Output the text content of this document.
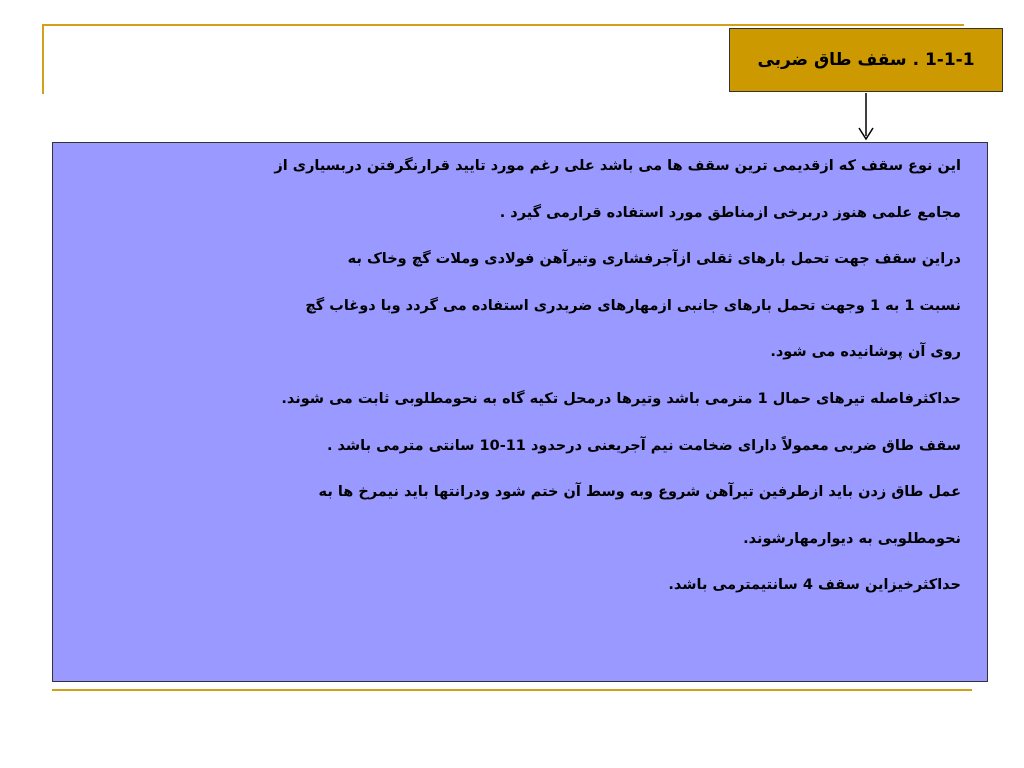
1-1-1 . سقف طاق ضربی
این نوع سقف که ازقدیمی ترین سقف ها می باشد علی رغم مورد تایید قرارنگرفتن دربسیاری از
مجامع علمی هنوز دربرخی ازمناطق مورد استفاده قرارمی گیرد .
دراین سقف جهت تحمل بارهای ثقلی ازآجرفشاری وتیرآهن فولادی وملات گچ وخاک به
نسبت 1 به 1 وجهت تحمل بارهای جانبی ازمهارهای ضربدری استفاده می گردد وبا دوغاب گچ
روی آن پوشانیده می شود.
حداکثرفاصله تیرهای حمال 1 مترمی باشد وتیرها درمحل تکیه گاه به نحومطلوبی ثابت می شوند.
سقف طاق ضربی معمولاً دارای ضخامت نیم آجریعنی درحدود 11-10 سانتی مترمی باشد .
عمل طاق زدن باید ازطرفین تیرآهن شروع وبه وسط آن ختم شود ودرانتها باید نیمرخ ها به
نحومطلوبی به دیوارمهارشوند.
حداکثرخیزاین سقف 4 سانتیمترمی باشد.
